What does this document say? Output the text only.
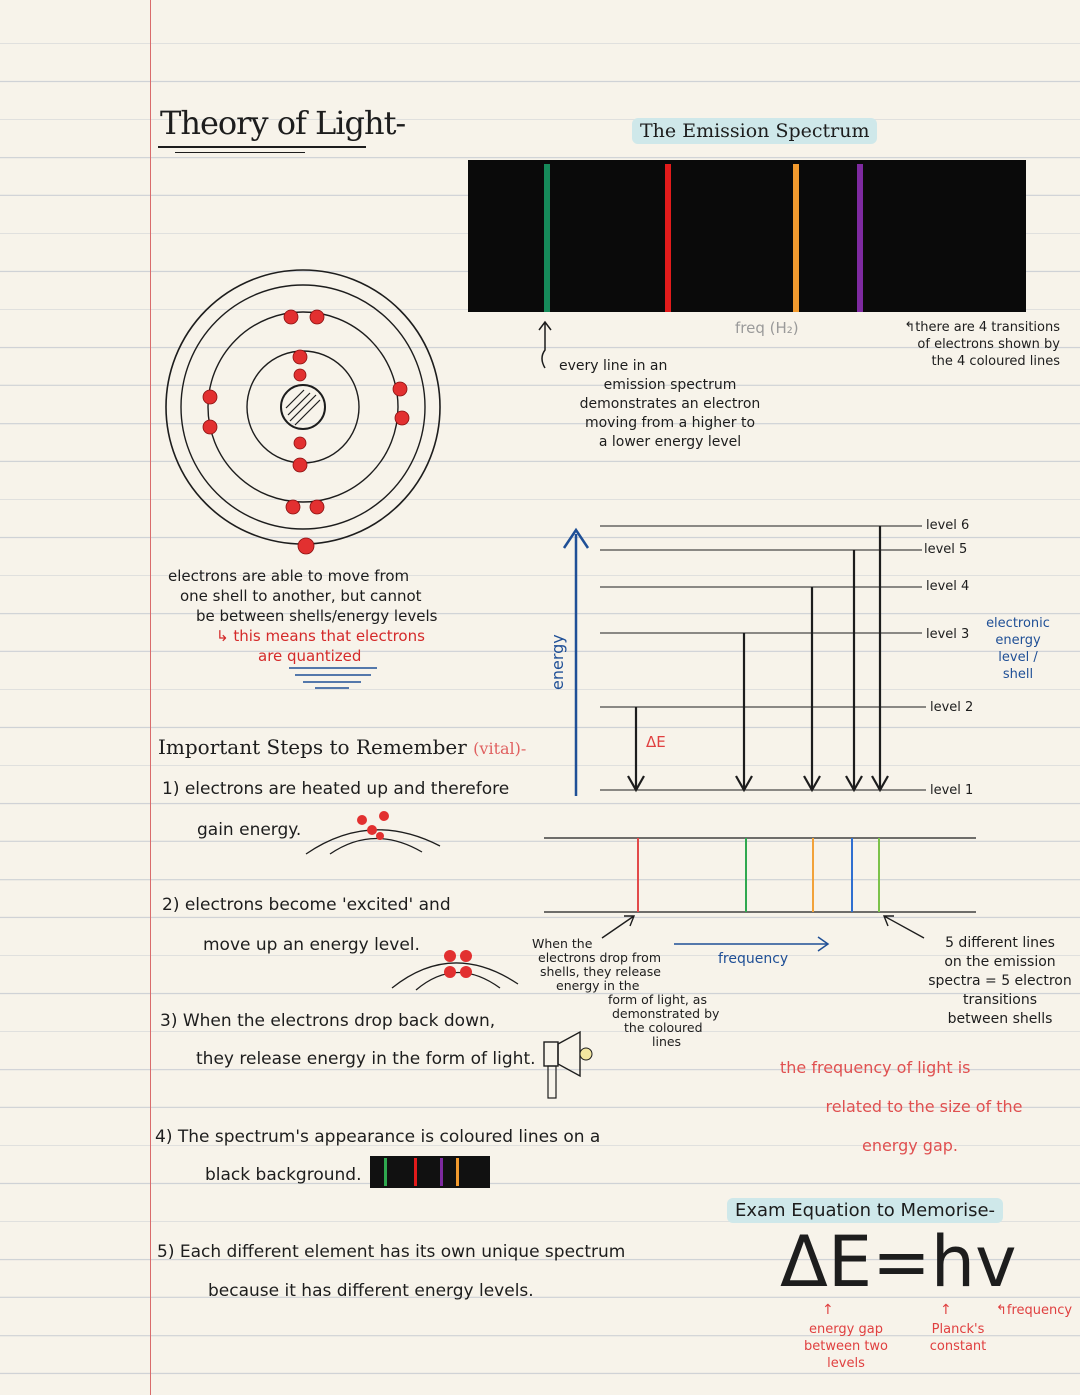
Theory of Light-	The Emission Spectrum
freq (H₂)	↰there are 4 transitions
of electrons shown by
the 4 coloured lines
every line in an
emission spectrum
demonstrates an electron
moving from a higher to
a lower energy level
electrons are able to move from
one shell to another, but cannot
be between shells/energy levels
↳ this means that electrons
are quantized
Important Steps to Remember (vital)-
1) electrons are heated up and therefore
gain energy.
2) electrons become 'excited' and
move up an energy level.
3) When the electrons drop back down,
they release energy in the form of light.
4) The spectrum's appearance is coloured lines on a
black background.
5) Each different element has its own unique spectrum
because it has different energy levels.
energy
ΔE
level 6
level 5
level 4
level 3
level 2
level 1
electronic
energy
level /
shell
When the
electrons drop from
shells, they release
energy in the
form of light, as
demonstrated by
the coloured
lines
frequency
5 different lines
on the emission
spectra = 5 electron
transitions
between shells
the frequency of light is
related to the size of the
energy gap.
Exam Equation to Memorise-
ΔE=hv
↑
energy gap
between two
levels
↑
Planck's
constant
↰frequency
